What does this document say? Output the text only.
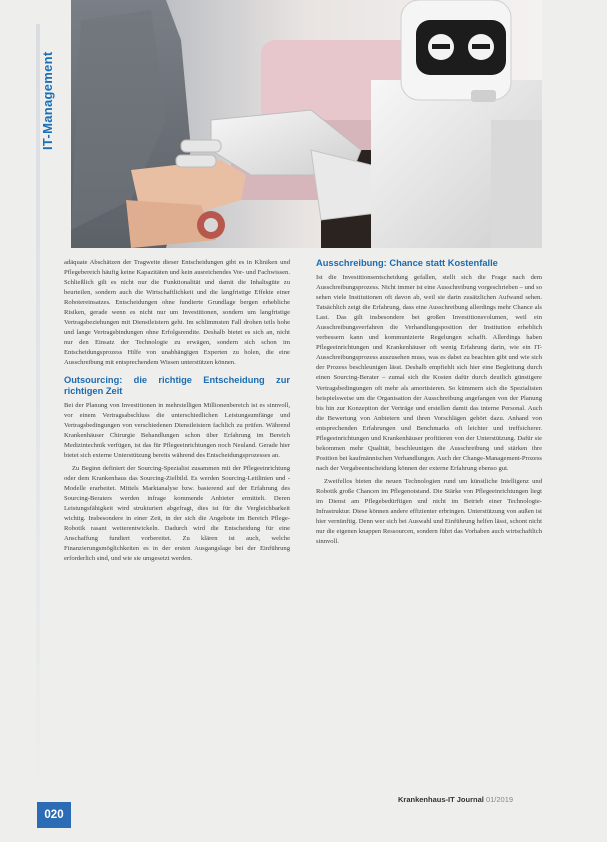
IT-Management

adäquate Abschätzen der Tragweite dieser Entscheidungen gibt es in Kliniken und Pflegebereich häufig keine Kapazitäten und kein ausreichendes Vor- und Fachwissen. Schließlich gilt es nicht nur die Funktionalität und damit die Inhaltsgüte zu beurteilen, sondern auch die Wirtschaftlichkeit und die langfristige Effekte einer Robotereinsatzes. Entscheidungen ohne fundierte Grundlage bergen erhebliche Risiken, gerade wenn es nicht nur um Investitionen, sondern um langfristige Vertragsbeziehungen mit Dienstleistern geht. Im schlimmsten Fall drohen teils hohe und lange Vertragsbindungen ohne Erfolgsrendite. Deshalb bietet es sich an, nicht nur den Einsatz der Technologie zu erwägen, sondern sich schon im Entscheidungsprozess Hilfe von unabhängigen Experten zu holen, die eine Ausschreibung mit entsprechendem Wissen unterstützen können.

Outsourcing: die richtige Entscheidung zur richtigen Zeit

Bei der Planung von Investitionen in mehrstelligen Millionenbereich ist es sinnvoll, vor einem Vertragsabschluss die unterschiedlichen Leistungsumfänge und Vertragsbedingungen von verschiedenen Dienstleistern fachlich zu prüfen. Während Krankenhäuser Chirurgie Behandlungen schon über Erfahrung im Bereich Medizintechnik verfügen, ist das für Pflegeeinrichtungen noch Neuland. Gerade hier bietet sich externe Unterstützung bereits während des Entscheidungsprozesses an.

Zu Beginn definiert der Sourcing-Spezialist zusammen mit der Pflegeeinrichtung oder dem Krankenhaus das Sourcing-Zielbild. Es werden Sourcing-Leitlinien und -Modelle erarbeitet. Mittels Marktanalyse bzw. basierend auf der Erfahrung des Sourcing-Beraters werden infrage kommende Anbieter ermittelt. Deren Leistungsfähigkeit wird strukturiert abgefragt, dies ist für die Vergleichbarkeit wichtig. Insbesondere in einer Zeit, in der sich die Angebote im Bereich Pflege-Robotik rasant weiterentwickeln. Dadurch wird die Entscheidung für eine Anschaffung fundiert vorbereitet. Zu klären ist auch, welche Finanzierungsmöglichkeiten es in der ersten Ausgangslage bei der Einführung erforderlich sind, und wie sie umgesetzt werden.

Ausschreibung: Chance statt Kostenfalle

Ist die Investitionsentscheidung gefallen, stellt sich die Frage nach dem Ausschreibungsprozess. Nicht immer ist eine Ausschreibung vorgeschrieben – und so sehen viele Institutionen oft davon ab, weil sie darin zusätzlichen Aufwand sehen. Tatsächlich zeigt die Erfahrung, dass eine Ausschreibung allerdings mehr Chance als Last. Das gilt insbesondere bei großen Investitionsvolumen, weil ein Ausschreibungsverfahren die Verhandlungsposition der Institution erheblich verbessern kann und kommunizierte Regelungen schafft. Allerdings haben Pflegeeinrichtungen und Krankenhäuser oft wenig Erfahrung darin, wie ein IT-Ausschreibungsprozess auszusehen muss, was es dabei zu beachten gibt und wie sich der Prozess beschleunigen lässt. Deshalb empfiehlt sich hier eine Begleitung durch einen Sourcing-Berater – zumal sich die Kosten dafür durch deutlich günstigere Vertragsbedingungen oft mehr als amortisieren. So kümmern sich die Spezialisten beispielsweise um die Organisation der Ausschreibung angefangen von der Planung bis hin zur Konzeption der Verträge und erstellen damit das interne Personal. Auch die Bewertung von Anbietern und ihren Vorschlägen gehört dazu. Anhand von entsprechenden Erfahrungen und Benchmarks oft leichter und treffsicherer. Pflegeeinrichtungen und Krankenhäuser profitieren von der Unterstützung. Dafür sie bekommen mehr Qualität, beschleunigen die Ausschreibung und stärken ihre Position bei kaufmännischen Verhandlungen. Auch der Change-Management-Prozess nach der Vergabeentscheidung können der externe Erfahrung ebenso gut.

Zweifellos bieten die neuen Technologien rund um künstliche Intelligenz und Robotik große Chancen im Pflegenotstand. Die Stärke von Pflegeeinrichtungen liegt im Dienst am Pflegebedürftigen und nicht im Betrieb einer Technologie-Infrastruktur. Diese können andere effizienter erbringen. Unterstützung von außen ist hier vernünftig. Denn wer sich bei Auswahl und Einführung helfen lässt, schont nicht nur die eigenen knappen Ressourcen, sondern führt das Vorhaben auch wirtschaftlich sinnvoll.

020
Krankenhaus-IT Journal 01/2019
